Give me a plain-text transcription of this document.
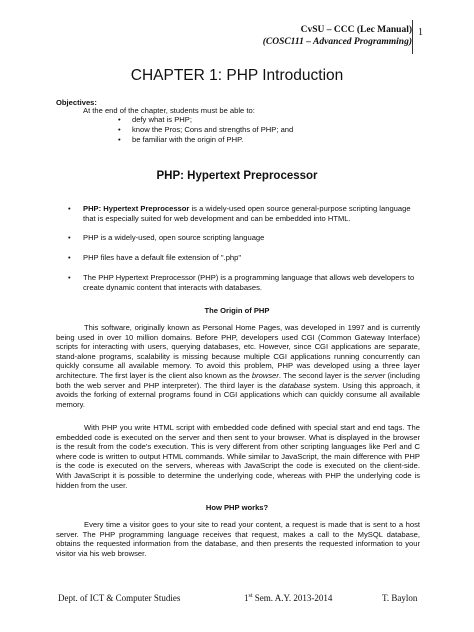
CvSU – CCC (Lec Manual)
(COSC111 – Advanced Programming)
1
CHAPTER 1: PHP Introduction
Objectives:
At the end of the chapter, students must be able to:
• defy what is PHP;
• know the Pros; Cons and strengths of PHP; and
• be familiar with the origin of PHP.
PHP: Hypertext Preprocessor
• PHP: Hypertext Preprocessor is a widely-used open source general-purpose scripting language that is especially suited for web development and can be embedded into HTML.
• PHP is a widely-used, open source scripting language
• PHP files have a default file extension of ".php"
• The PHP Hypertext Preprocessor (PHP) is a programming language that allows web developers to create dynamic content that interacts with databases.
The Origin of PHP
This software, originally known as Personal Home Pages, was developed in 1997 and is currently being used in over 10 million domains. Before PHP, developers used CGI (Common Gateway Interface) scripts for interacting with users, querying databases, etc. However, since CGI applications are separate, stand-alone programs, scalability is missing because multiple CGI applications running concurrently can quickly consume all available memory. To avoid this problem, PHP was developed using a three layer architecture. The first layer is the client also known as the browser. The second layer is the server (including both the web server and PHP interpreter). The third layer is the database system. Using this approach, it avoids the forking of external programs found in CGI applications which can quickly consume all available memory.
With PHP you write HTML script with embedded code defined with special start and end tags. The embedded code is executed on the server and then sent to your browser. What is displayed in the browser is the result from the code's execution. This is very different from other scripting languages like Perl and C where code is written to output HTML commands. While similar to JavaScript, the main difference with PHP is the code is executed on the servers, whereas with JavaScript the code is executed on the client-side. With JavaScript it is possible to determine the underlying code, whereas with PHP the underlying code is hidden from the user.
How PHP works?
Every time a visitor goes to your site to read your content, a request is made that is sent to a host server. The PHP programming language receives that request, makes a call to the MySQL database, obtains the requested information from the database, and then presents the requested information to your visitor via his web browser.
Dept. of ICT & Computer Studies	1st Sem. A.Y. 2013-2014	T. Baylon
